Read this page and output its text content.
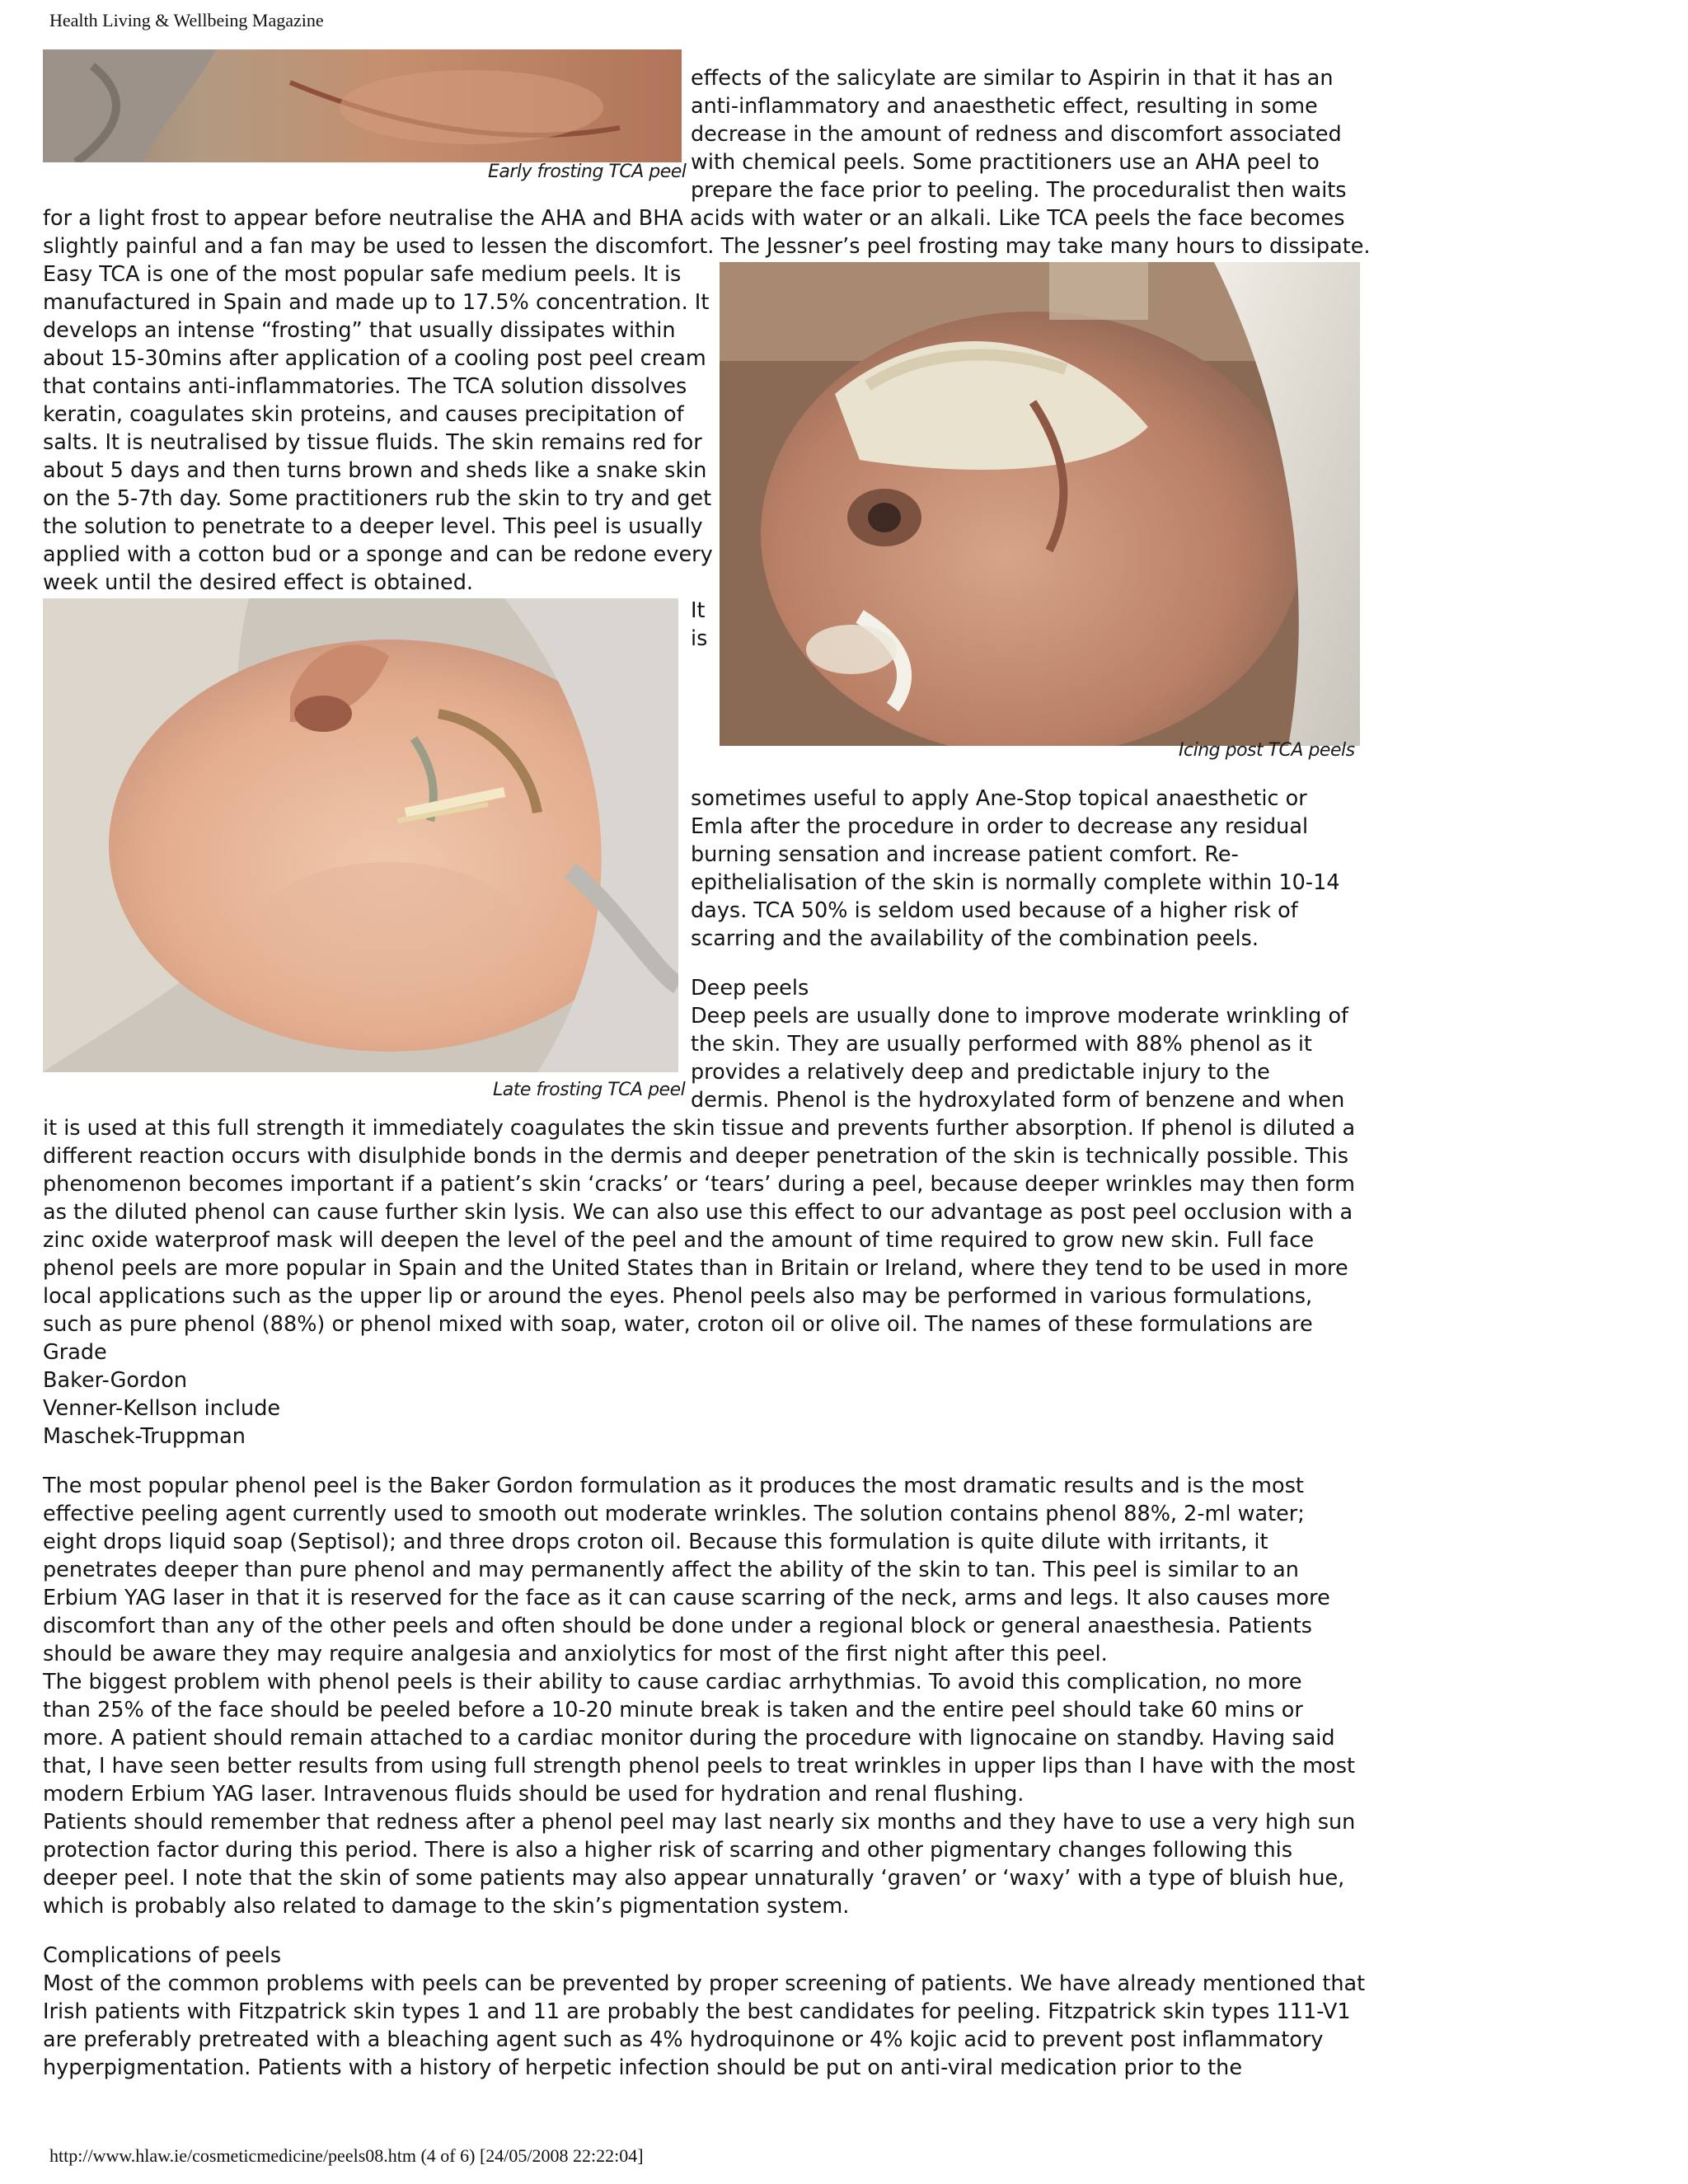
Health Living & Wellbeing Magazine
Early frosting TCA peel
Icing post TCA peels
Late frosting TCA peel
effects of the salicylate are similar to Aspirin in that it has an
anti-inflammatory and anaesthetic effect, resulting in some
decrease in the amount of redness and discomfort associated
with chemical peels. Some practitioners use an AHA peel to
prepare the face prior to peeling. The proceduralist then waits
for a light frost to appear before neutralise the AHA and BHA acids with water or an alkali. Like TCA peels the face becomes
slightly painful and a fan may be used to lessen the discomfort. The Jessner’s peel frosting may take many hours to dissipate.
Easy TCA is one of the most popular safe medium peels. It is
manufactured in Spain and made up to 17.5% concentration. It
develops an intense “frosting” that usually dissipates within
about 15-30mins after application of a cooling post peel cream
that contains anti-inflammatories. The TCA solution dissolves
keratin, coagulates skin proteins, and causes precipitation of
salts. It is neutralised by tissue fluids. The skin remains red for
about 5 days and then turns brown and sheds like a snake skin
on the 5-7th day. Some practitioners rub the skin to try and get
the solution to penetrate to a deeper level. This peel is usually
applied with a cotton bud or a sponge and can be redone every
week until the desired effect is obtained.
It
is
sometimes useful to apply Ane-Stop topical anaesthetic or
Emla after the procedure in order to decrease any residual
burning sensation and increase patient comfort. Re-
epithelialisation of the skin is normally complete within 10-14
days. TCA 50% is seldom used because of a higher risk of
scarring and the availability of the combination peels.
Deep peels
Deep peels are usually done to improve moderate wrinkling of
the skin. They are usually performed with 88% phenol as it
provides a relatively deep and predictable injury to the
dermis. Phenol is the hydroxylated form of benzene and when
it is used at this full strength it immediately coagulates the skin tissue and prevents further absorption. If phenol is diluted a
different reaction occurs with disulphide bonds in the dermis and deeper penetration of the skin is technically possible. This
phenomenon becomes important if a patient’s skin ‘cracks’ or ‘tears’ during a peel, because deeper wrinkles may then form
as the diluted phenol can cause further skin lysis. We can also use this effect to our advantage as post peel occlusion with a
zinc oxide waterproof mask will deepen the level of the peel and the amount of time required to grow new skin. Full face
phenol peels are more popular in Spain and the United States than in Britain or Ireland, where they tend to be used in more
local applications such as the upper lip or around the eyes. Phenol peels also may be performed in various formulations,
such as pure phenol (88%) or phenol mixed with soap, water, croton oil or olive oil. The names of these formulations are
Grade
Baker-Gordon
Venner-Kellson include
Maschek-Truppman
The most popular phenol peel is the Baker Gordon formulation as it produces the most dramatic results and is the most
effective peeling agent currently used to smooth out moderate wrinkles. The solution contains phenol 88%, 2-ml water;
eight drops liquid soap (Septisol); and three drops croton oil. Because this formulation is quite dilute with irritants, it
penetrates deeper than pure phenol and may permanently affect the ability of the skin to tan. This peel is similar to an
Erbium YAG laser in that it is reserved for the face as it can cause scarring of the neck, arms and legs. It also causes more
discomfort than any of the other peels and often should be done under a regional block or general anaesthesia. Patients
should be aware they may require analgesia and anxiolytics for most of the first night after this peel.
The biggest problem with phenol peels is their ability to cause cardiac arrhythmias. To avoid this complication, no more
than 25% of the face should be peeled before a 10-20 minute break is taken and the entire peel should take 60 mins or
more. A patient should remain attached to a cardiac monitor during the procedure with lignocaine on standby. Having said
that, I have seen better results from using full strength phenol peels to treat wrinkles in upper lips than I have with the most
modern Erbium YAG laser. Intravenous fluids should be used for hydration and renal flushing.
Patients should remember that redness after a phenol peel may last nearly six months and they have to use a very high sun
protection factor during this period. There is also a higher risk of scarring and other pigmentary changes following this
deeper peel. I note that the skin of some patients may also appear unnaturally ‘graven’ or ‘waxy’ with a type of bluish hue,
which is probably also related to damage to the skin’s pigmentation system.
Complications of peels
Most of the common problems with peels can be prevented by proper screening of patients. We have already mentioned that
Irish patients with Fitzpatrick skin types 1 and 11 are probably the best candidates for peeling. Fitzpatrick skin types 111-V1
are preferably pretreated with a bleaching agent such as 4% hydroquinone or 4% kojic acid to prevent post inflammatory
hyperpigmentation. Patients with a history of herpetic infection should be put on anti-viral medication prior to the
http://www.hlaw.ie/cosmeticmedicine/peels08.htm (4 of 6) [24/05/2008 22:22:04]
